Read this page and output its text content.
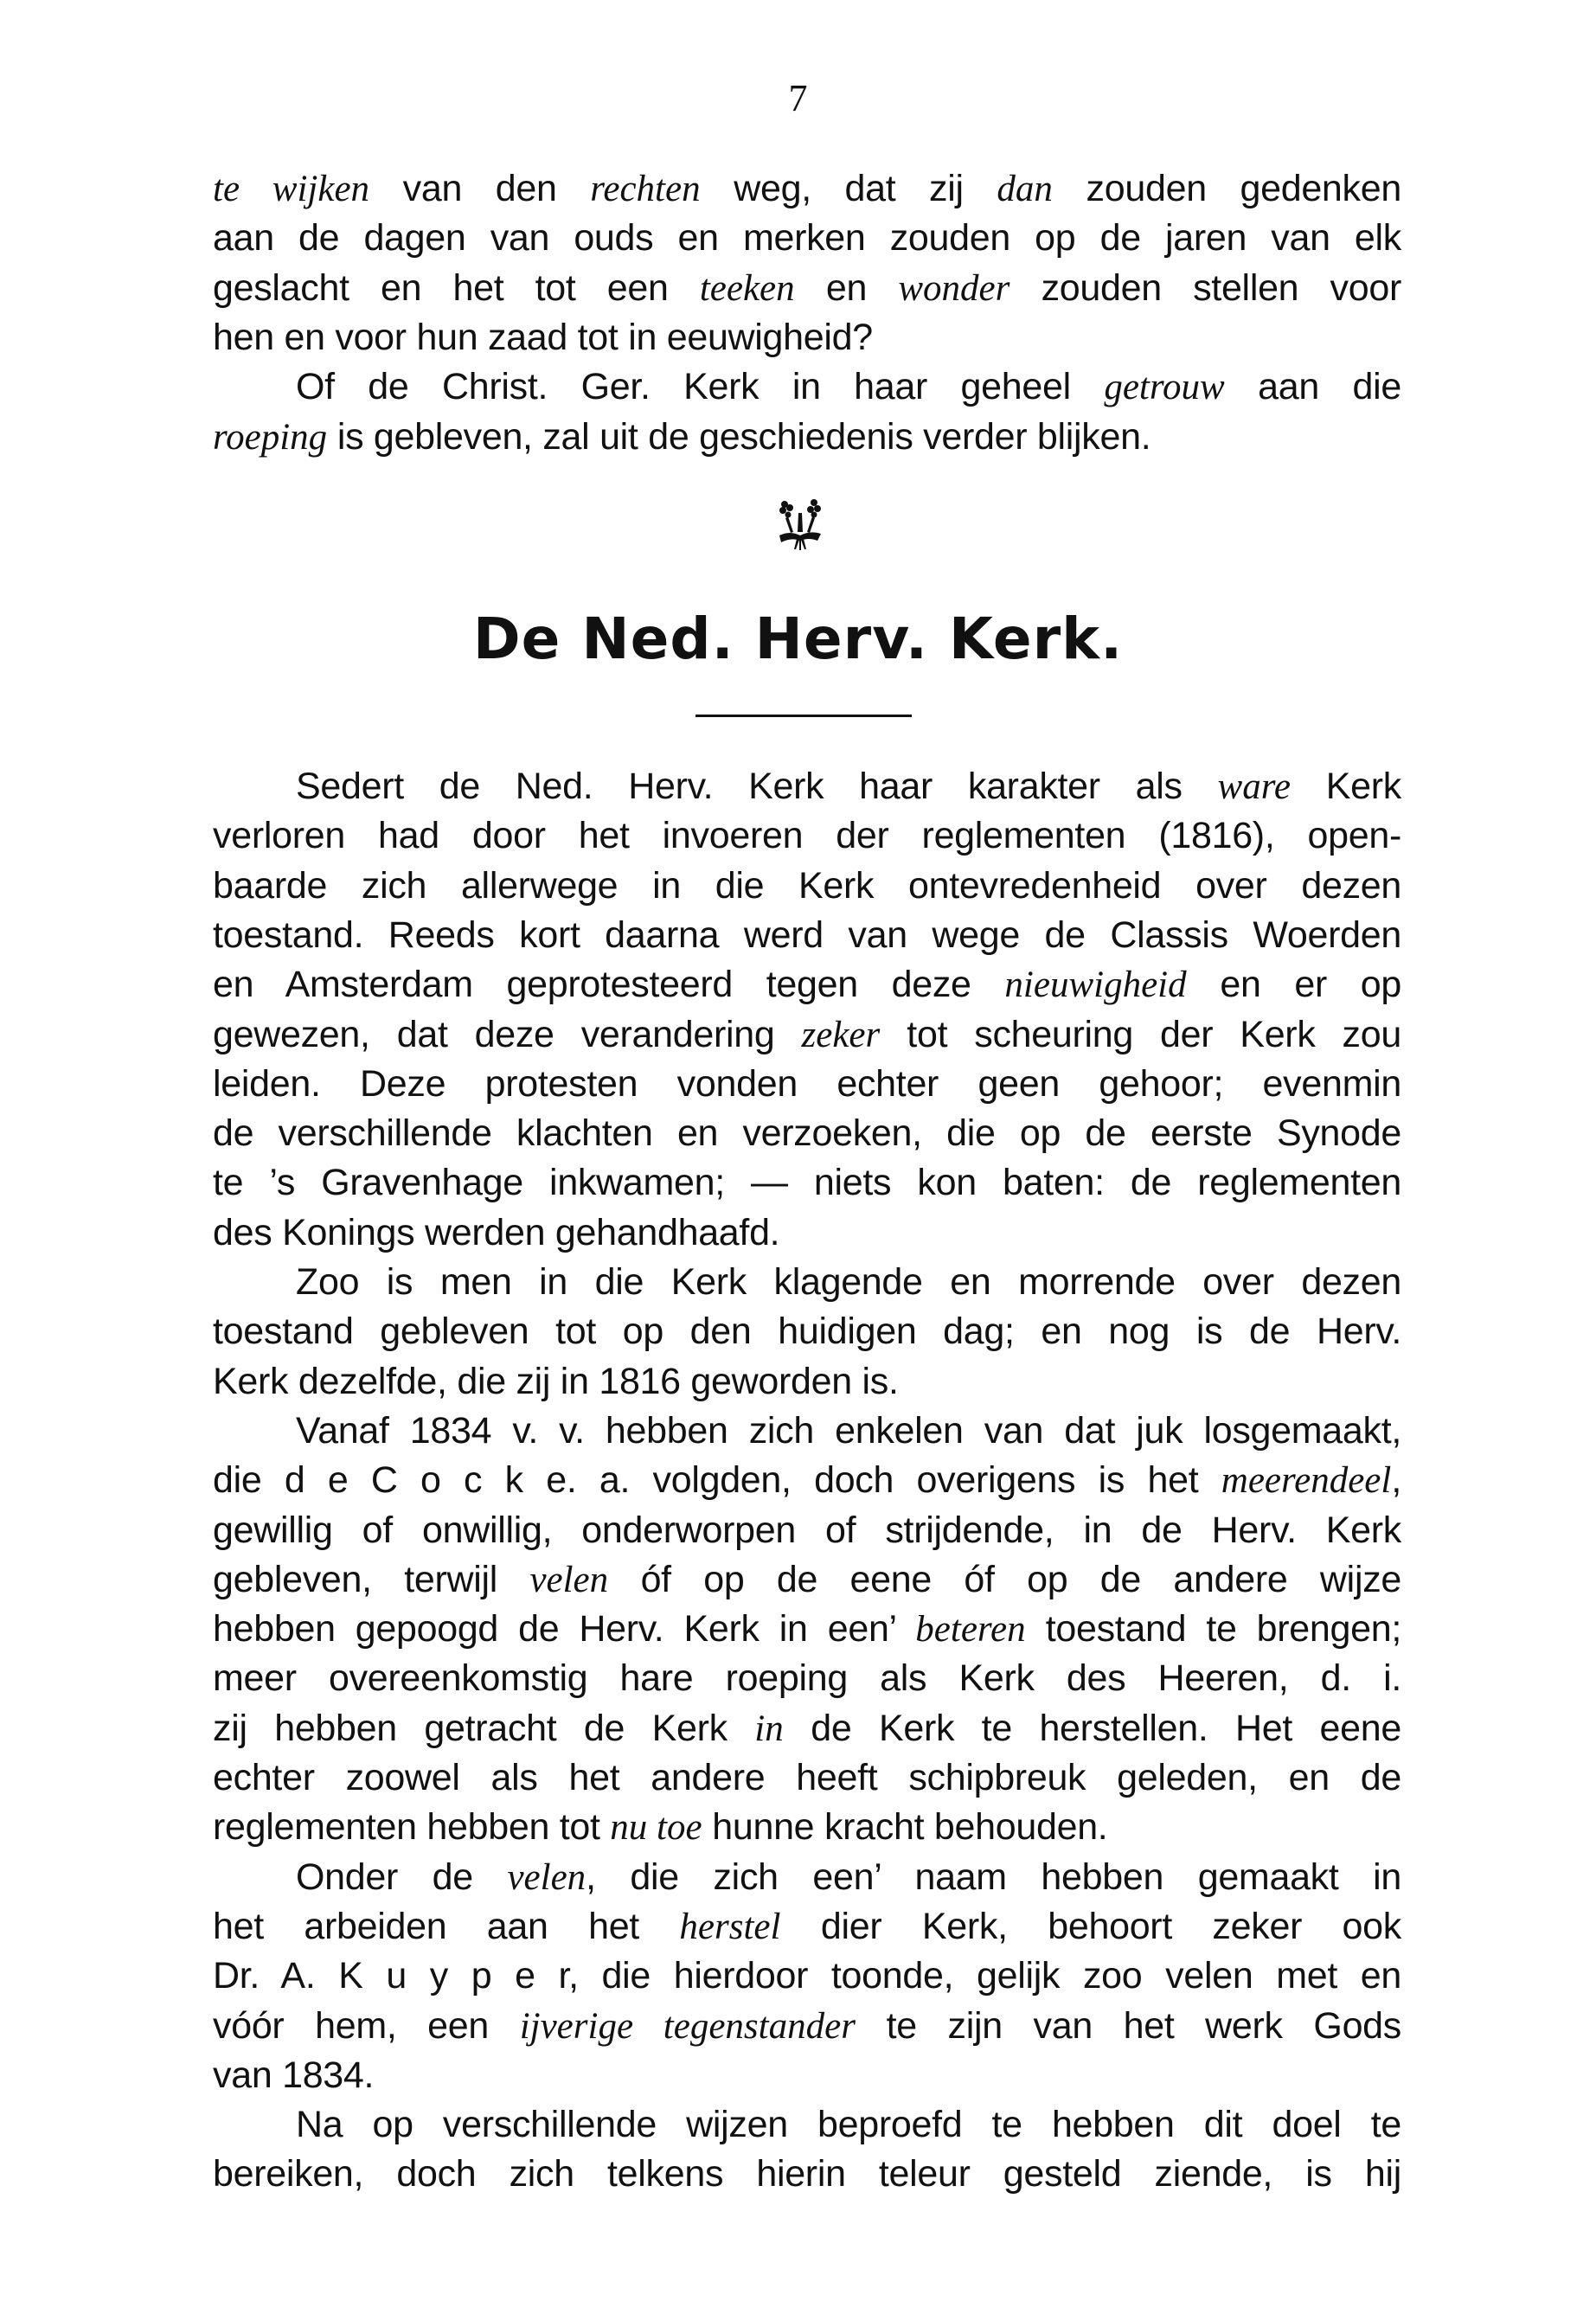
7
te wijken van den rechten weg, dat zij dan zouden gedenken
aan de dagen van ouds en merken zouden op de jaren van elk
geslacht en het tot een teeken en wonder zouden stellen voor
hen en voor hun zaad tot in eeuwigheid?
Of de Christ. Ger. Kerk in haar geheel getrouw aan die
roeping is gebleven, zal uit de geschiedenis verder blijken.
De Ned. Herv. Kerk.
Sedert de Ned. Herv. Kerk haar karakter als ware Kerk
verloren had door het invoeren der reglementen (1816), open-
baarde zich allerwege in die Kerk ontevredenheid over dezen
toestand. Reeds kort daarna werd van wege de Classis Woerden
en Amsterdam geprotesteerd tegen deze nieuwigheid en er op
gewezen, dat deze verandering zeker tot scheuring der Kerk zou
leiden. Deze protesten vonden echter geen gehoor; evenmin
de verschillende klachten en verzoeken, die op de eerste Synode
te ’s Gravenhage inkwamen; — niets kon baten: de reglementen
des Konings werden gehandhaafd.
Zoo is men in die Kerk klagende en morrende over dezen
toestand gebleven tot op den huidigen dag; en nog is de Herv.
Kerk dezelfde, die zij in 1816 geworden is.
Vanaf 1834 v. v. hebben zich enkelen van dat juk losgemaakt,
die d e C o c k e. a. volgden, doch overigens is het meerendeel,
gewillig of onwillig, onderworpen of strijdende, in de Herv. Kerk
gebleven, terwijl velen óf op de eene óf op de andere wijze
hebben gepoogd de Herv. Kerk in een’ beteren toestand te brengen;
meer overeenkomstig hare roeping als Kerk des Heeren, d. i.
zij hebben getracht de Kerk in de Kerk te herstellen. Het eene
echter zoowel als het andere heeft schipbreuk geleden, en de
reglementen hebben tot nu toe hunne kracht behouden.
Onder de velen, die zich een’ naam hebben gemaakt in
het arbeiden aan het herstel dier Kerk, behoort zeker ook
Dr. A. K u y p e r, die hierdoor toonde, gelijk zoo velen met en
vóór hem, een ijverige tegenstander te zijn van het werk Gods
van 1834.
Na op verschillende wijzen beproefd te hebben dit doel te
bereiken, doch zich telkens hierin teleur gesteld ziende, is hij
